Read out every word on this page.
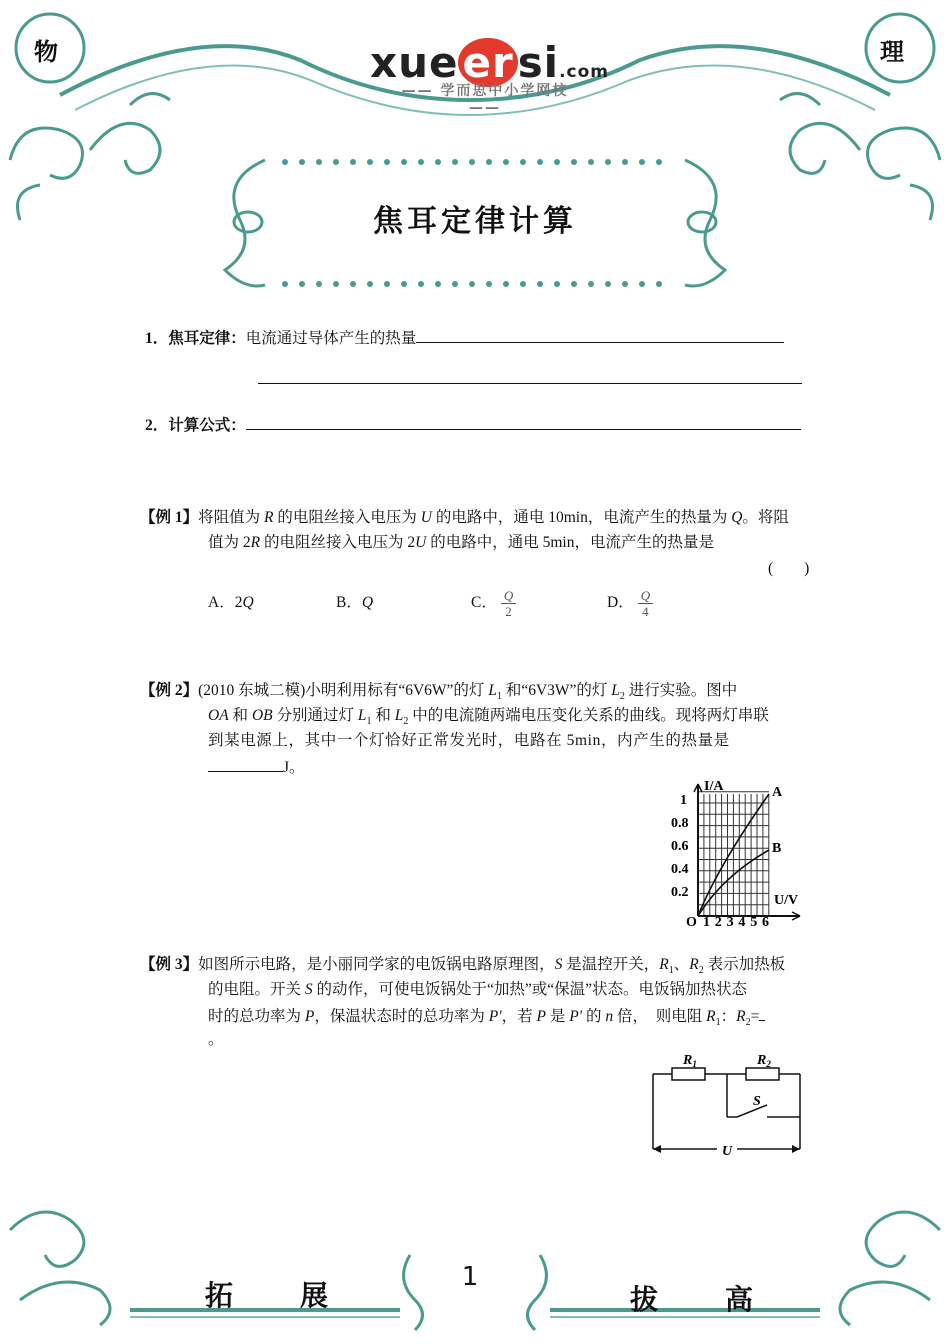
xueersi.com
—— 学而思中小学网校 ——
物	理
焦耳定律计算
1．焦耳定律：电流通过导体产生的热量
2．计算公式：
【例 1】将阻值为 R 的电阻丝接入电压为 U 的电路中，通电 10min，电流产生的热量为 Q。将阻
值为 2R 的电阻丝接入电压为 2U 的电路中，通电 5min，电流产生的热量是
(　　)
A．2Q	B．Q	C． $\frac{Q}{2}$	D． $\frac{Q}{4}$
【例 2】(2010 东城二模)小明利用标有“6V6W”的灯 $L_1$ 和“6V3W”的灯 $L_2$ 进行实验。图中
OA 和 OB 分别通过灯 $L_1$ 和 $L_2$ 中的电流随两端电压变化关系的曲线。现将两灯串联
到某电源上，其中一个灯恰好正常发光时，电路在 5min，内产生的热量是
J。
I/A
U/V
A
B
O
1
0.8
0.6
0.4
0.2
1 2 3 4 5 6
【例 3】如图所示电路，是小丽同学家的电饭锅电路原理图，S 是温控开关，$R_1$、$R_2$ 表示加热板
的电阻。开关 S 的动作，可使电饭锅处于“加热”或“保温”状态。电饭锅加热状态
时的总功率为 P，保温状态时的总功率为 P′，若 P 是 P′ 的 n 倍，　则电阻 $R_1$：$R_2=$
。
$R_1$	$R_2$
S
U
拓 展
1
拔 高
